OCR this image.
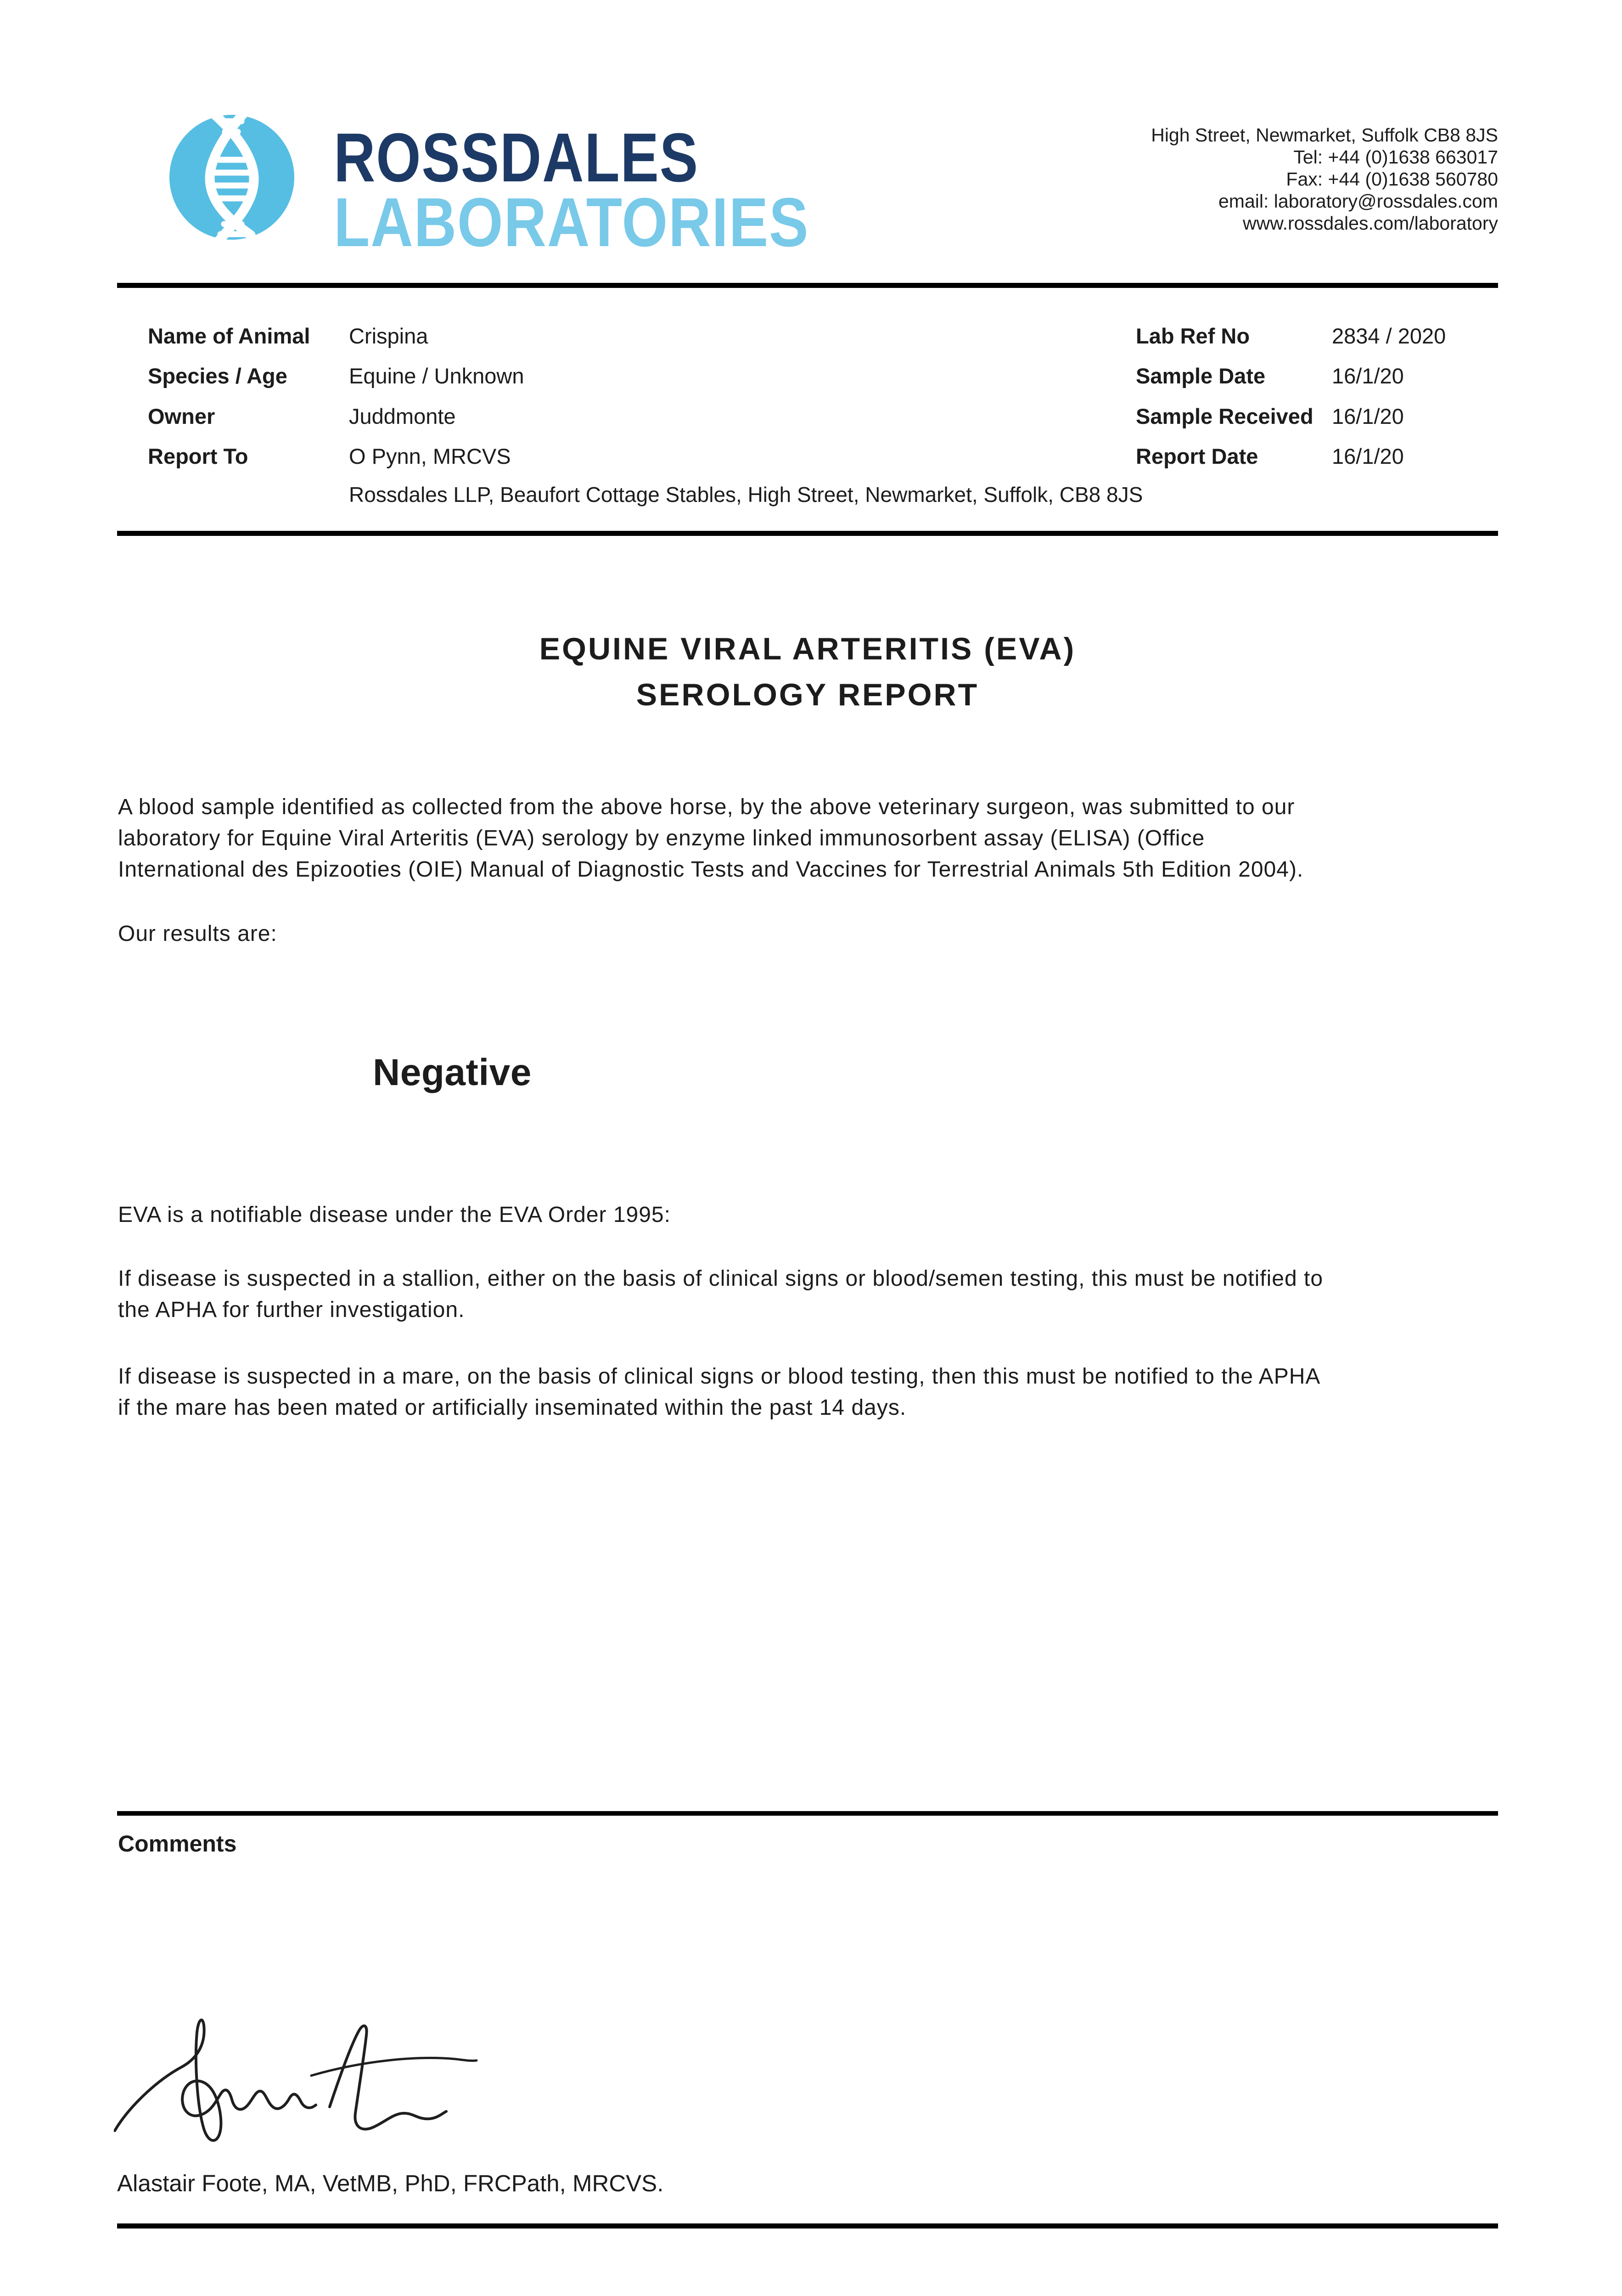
ROSSDALES
LABORATORIES
High Street, Newmarket, Suffolk CB8 8JS
Tel: +44 (0)1638 663017
Fax: +44 (0)1638 560780
email: laboratory@rossdales.com
www.rossdales.com/laboratory
Name of Animal Crispina
Species / Age	Equine / Unknown
Owner	Juddmonte
Report To	O Pynn, MRCVS
Rossdales LLP, Beaufort Cottage Stables, High Street, Newmarket, Suffolk, CB8 8JS
Lab Ref No	2834 / 2020
Sample Date	16/1/20
Sample Received 16/1/20
Report Date	16/1/20
EQUINE VIRAL ARTERITIS (EVA)
SEROLOGY REPORT
A blood sample identified as collected from the above horse, by the above veterinary surgeon, was submitted to our
laboratory for Equine Viral Arteritis (EVA) serology by enzyme linked immunosorbent assay (ELISA) (Office
International des Epizooties (OIE) Manual of Diagnostic Tests and Vaccines for Terrestrial Animals 5th Edition 2004).
Our results are:
Negative
EVA is a notifiable disease under the EVA Order 1995:
If disease is suspected in a stallion, either on the basis of clinical signs or blood/semen testing, this must be notified to
the APHA for further investigation.
If disease is suspected in a mare, on the basis of clinical signs or blood testing, then this must be notified to the APHA
if the mare has been mated or artificially inseminated within the past 14 days.
Comments
Alastair Foote, MA, VetMB, PhD, FRCPath, MRCVS.
